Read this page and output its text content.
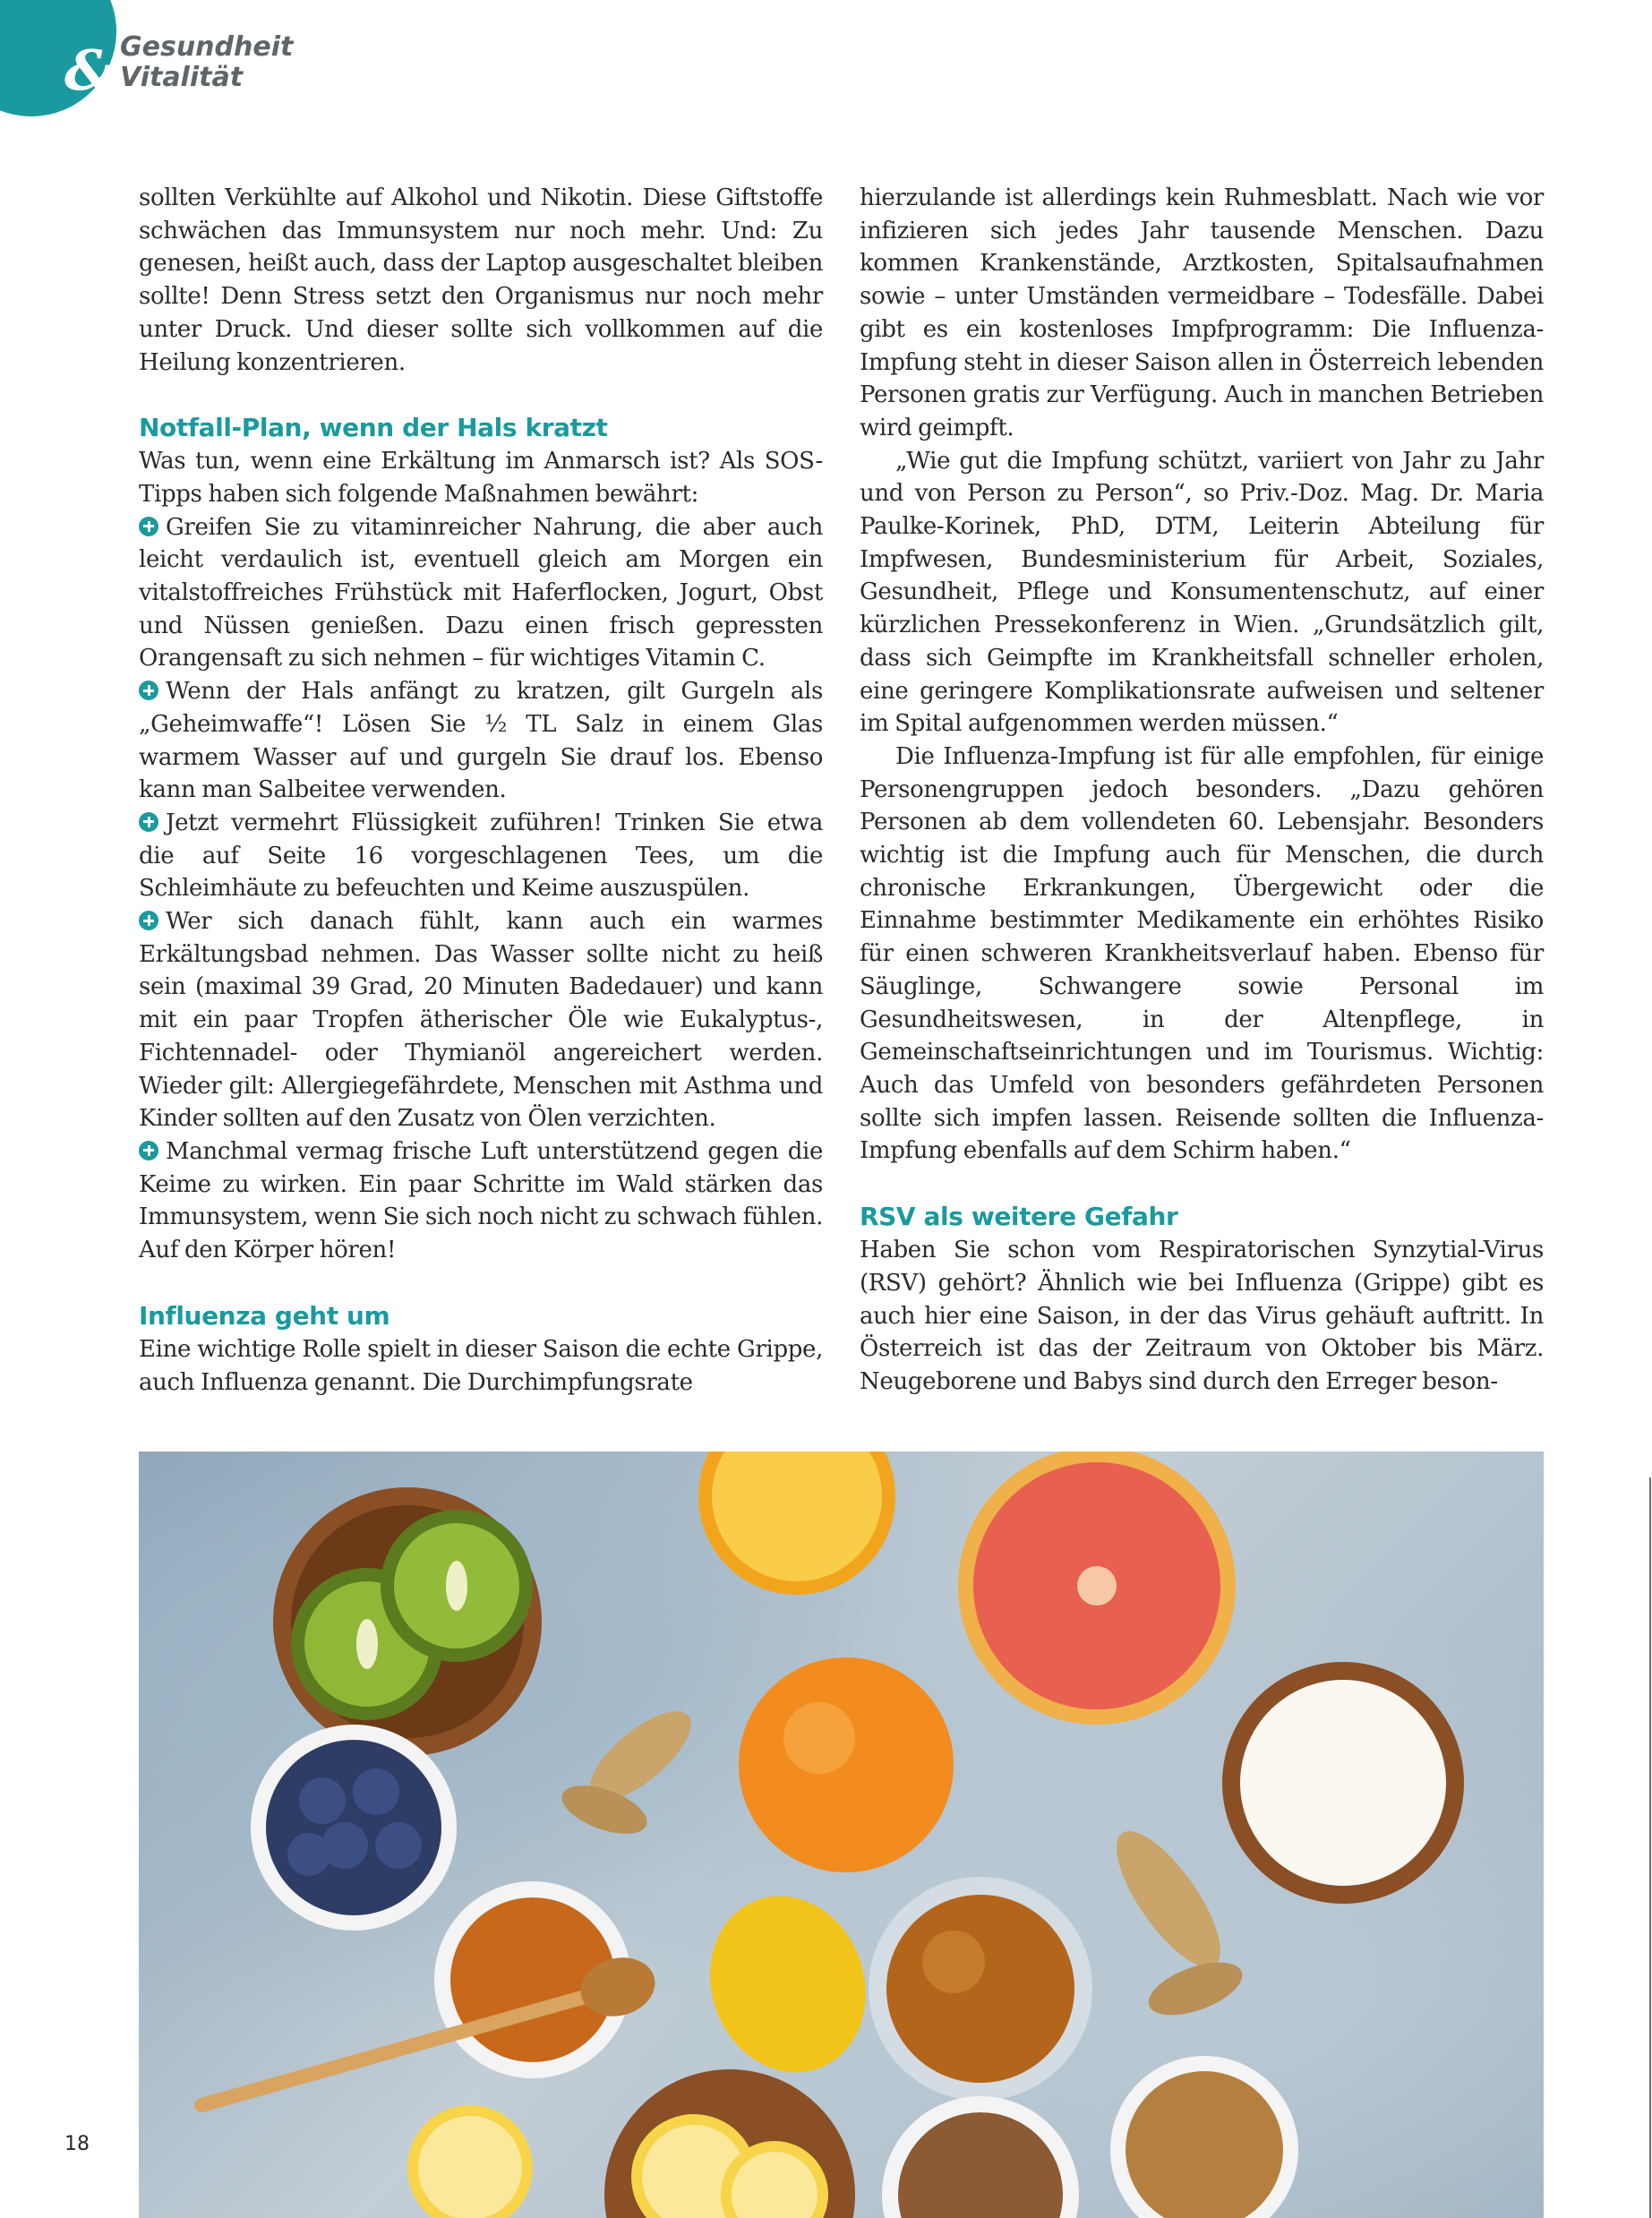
& Gesundheit
Vitalität

sollten Verkühlte auf Alkohol und Nikotin. Diese Giftstoffe schwächen das Immunsystem nur noch mehr. Und: Zu genesen, heißt auch, dass der Laptop ausgeschaltet bleiben sollte! Denn Stress setzt den Organismus nur noch mehr unter Druck. Und dieser sollte sich vollkommen auf die Heilung konzentrieren.

Notfall-Plan, wenn der Hals kratzt

Was tun, wenn eine Erkältung im Anmarsch ist? Als SOS-Tipps haben sich folgende Maßnahmen bewährt:

Greifen Sie zu vitaminreicher Nahrung, die aber auch leicht verdaulich ist, eventuell gleich am Morgen ein vitalstoffreiches Frühstück mit Haferflocken, Jogurt, Obst und Nüssen genießen. Dazu einen frisch gepressten Orangensaft zu sich nehmen – für wichtiges Vitamin C.

Wenn der Hals anfängt zu kratzen, gilt Gurgeln als „Geheimwaffe“! Lösen Sie ½ TL Salz in einem Glas warmem Wasser auf und gurgeln Sie drauf los. Ebenso kann man Salbeitee verwenden.

Jetzt vermehrt Flüssigkeit zuführen! Trinken Sie etwa die auf Seite 16 vorgeschlagenen Tees, um die Schleimhäute zu befeuchten und Keime auszuspülen.

Wer sich danach fühlt, kann auch ein warmes Erkältungsbad nehmen. Das Wasser sollte nicht zu heiß sein (maximal 39 Grad, 20 Minuten Badedauer) und kann mit ein paar Tropfen ätherischer Öle wie Eukalyptus-, Fichtennadel- oder Thymianöl angereichert werden. Wieder gilt: Allergiegefährdete, Menschen mit Asthma und Kinder sollten auf den Zusatz von Ölen verzichten.

Manchmal vermag frische Luft unterstützend gegen die Keime zu wirken. Ein paar Schritte im Wald stärken das Immunsystem, wenn Sie sich noch nicht zu schwach fühlen. Auf den Körper hören!

Influenza geht um

Eine wichtige Rolle spielt in dieser Saison die echte Grippe, auch Influenza genannt. Die Durchimpfungsrate

hierzulande ist allerdings kein Ruhmesblatt. Nach wie vor infizieren sich jedes Jahr tausende Menschen. Dazu kommen Krankenstände, Arztkosten, Spitalsaufnahmen sowie – unter Umständen vermeidbare – Todesfälle. Dabei gibt es ein kostenloses Impfprogramm: Die Influenza-Impfung steht in dieser Saison allen in Österreich lebenden Personen gratis zur Verfügung. Auch in manchen Betrieben wird geimpft.

„Wie gut die Impfung schützt, variiert von Jahr zu Jahr und von Person zu Person“, so Priv.-Doz. Mag. Dr. Maria Paulke-Korinek, PhD, DTM, Leiterin Abteilung für Impfwesen, Bundesministerium für Arbeit, Soziales, Gesundheit, Pflege und Konsumentenschutz, auf einer kürzlichen Pressekonferenz in Wien. „Grundsätzlich gilt, dass sich Geimpfte im Krankheitsfall schneller erholen, eine geringere Komplikationsrate aufweisen und seltener im Spital aufgenommen werden müssen.“

Die Influenza-Impfung ist für alle empfohlen, für einige Personengruppen jedoch besonders. „Dazu gehören Personen ab dem vollendeten 60. Lebensjahr. Besonders wichtig ist die Impfung auch für Menschen, die durch chronische Erkrankungen, Übergewicht oder die Einnahme bestimmter Medikamente ein erhöhtes Risiko für einen schweren Krankheitsverlauf haben. Ebenso für Säuglinge, Schwangere sowie Personal im Gesundheitswesen, in der Altenpflege, in Gemeinschaftseinrichtungen und im Tourismus. Wichtig: Auch das Umfeld von besonders gefährdeten Personen sollte sich impfen lassen. Reisende sollten die Influenza-Impfung ebenfalls auf dem Schirm haben.“

RSV als weitere Gefahr

Haben Sie schon vom Respiratorischen Synzytial-Virus (RSV) gehört? Ähnlich wie bei Influenza (Grippe) gibt es auch hier eine Saison, in der das Virus gehäuft auftritt. In Österreich ist das der Zeitraum von Oktober bis März. Neugeborene und Babys sind durch den Erreger beson-

18
